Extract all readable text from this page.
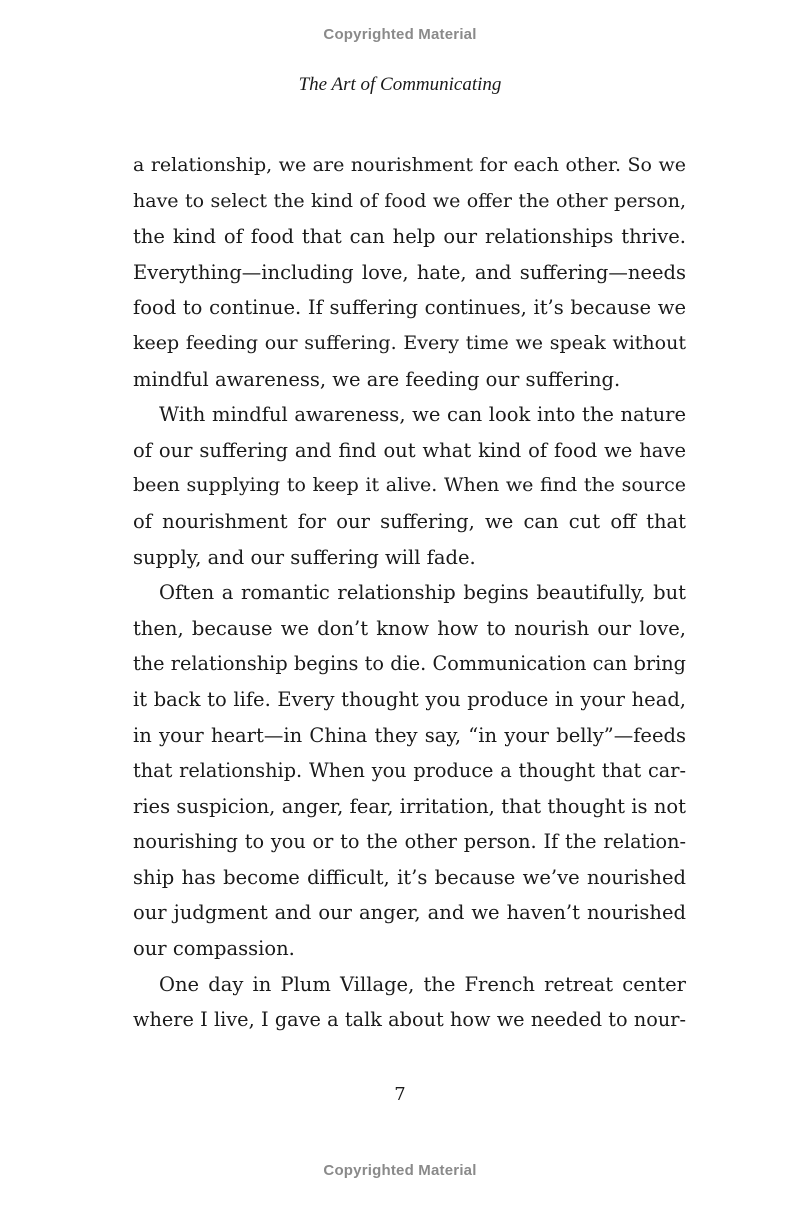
Copyrighted Material
The Art of Communicating
a relationship, we are nourishment for each other. So we
have to select the kind of food we offer the other person,
the kind of food that can help our relationships thrive.
Everything—including love, hate, and suffering—needs
food to continue. If suffering continues, it’s because we
keep feeding our suffering. Every time we speak without
mindful awareness, we are feeding our suffering.
With mindful awareness, we can look into the nature
of our suffering and find out what kind of food we have
been supplying to keep it alive. When we find the source
of nourishment for our suffering, we can cut off that
supply, and our suffering will fade.
Often a romantic relationship begins beautifully, but
then, because we don’t know how to nourish our love,
the relationship begins to die. Communication can bring
it back to life. Every thought you produce in your head,
in your heart—in China they say, “in your belly”—feeds
that relationship. When you produce a thought that car-
ries suspicion, anger, fear, irritation, that thought is not
nourishing to you or to the other person. If the relation-
ship has become difficult, it’s because we’ve nourished
our judgment and our anger, and we haven’t nourished
our compassion.
One day in Plum Village, the French retreat center
where I live, I gave a talk about how we needed to nour-
7
Copyrighted Material
